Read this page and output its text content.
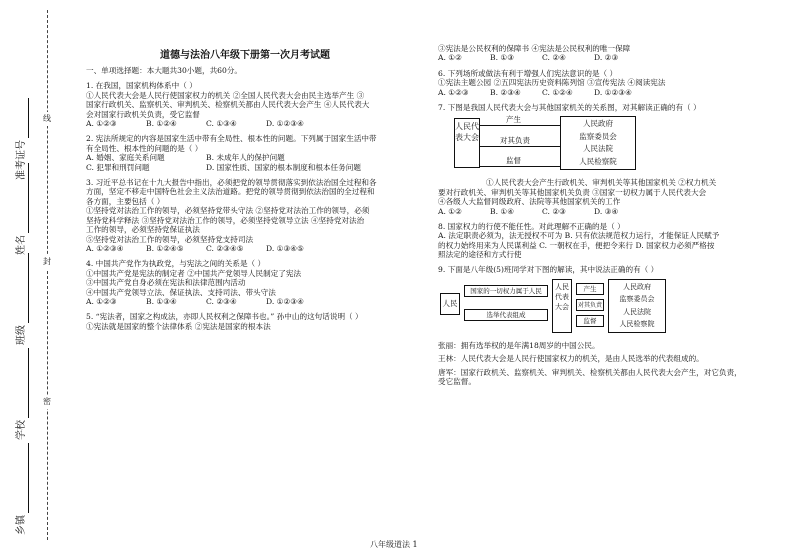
乡镇
学校
班级
姓名
准考证号
线
封
密
道德与法治八年级下册第一次月考试题
一、单项选择题：本大题共30小题，共60分。
1. 在我国，国家机构体系中（ ）
①人民代表大会是人民行使国家权力的机关 ②全国人民代表大会由民主选举产生 ③
国家行政机关、监察机关、审判机关、检察机关都由人民代表大会产生 ④人民代表大
会对国家行政机关负责，受它监督
A. ①②③	B. ①②④	C. ①③④	D. ①②③④
2. 宪法所规定的内容是国家生活中带有全局性、根本性的问题。下列属于国家生活中带
有全局性、根本性的问题的是（ ）
A. 婚姻、家庭关系问题	B. 未成年人的保护问题
C. 犯罪和刑罚问题	D. 国家性质、国家的根本制度和根本任务问题
3. 习近平总书记在十九大报告中指出，必须把党的领导贯彻落实到依法治国全过程和各
方面，坚定不移走中国特色社会主义法治道路。把党的领导贯彻到依法治国的全过程和
各方面，主要包括（ ）
①坚持党对法治工作的领导，必须坚持党带头守法 ②坚持党对法治工作的领导，必须
坚持党科学释法 ③坚持党对法治工作的领导，必须坚持党领导立法 ④坚持党对法治
工作的领导，必须坚持党保证执法
⑤坚持党对法治工作的领导，必须坚持党支持司法
A. ①②③④	B. ①②④⑤	C. ②③④⑤	D. ①③④⑤
4. 中国共产党作为执政党，与宪法之间的关系是（ ）
①中国共产党是宪法的制定者 ②中国共产党领导人民制定了宪法
③中国共产党自身必须在宪法和法律范围内活动
④中国共产党领导立法、保证执法、支持司法、带头守法
A. ①②③	B. ①③④	C. ②③④	D. ①②③④
5. “宪法者，国家之构成法，亦即人民权利之保障书也。” 孙中山的这句话说明（ ）
①宪法就是国家的整个法律体系 ②宪法是国家的根本法
③宪法是公民权利的保障书 ④宪法是公民权利的唯一保障
A. ①②	B. ①③	C. ②④	D. ②③
6. 下列场所或做法有利于增强人们宪法意识的是（ ）
①宪法主题公园 ②五四宪法历史资料陈列馆 ③宣传宪法 ④阅读宪法
A. ①②③	B. ②③④	C. ①②④	D. ①②③④
7. 下图是我国人民代表大会与其他国家机关的关系图，对其解读正确的有（ ）
人民代表大会
产生
对其负责
监督
人民政府
监察委员会
人民法院
人民检察院
①人民代表大会产生行政机关、审判机关等其他国家机关 ②权力机关
要对行政机关、审判机关等其他国家机关负责 ③国家一切权力属于人民代表大会
④各级人大监督同级政府、法院等其他国家机关的工作
A. ①②	B. ①④	C. ②③	D. ③④
8. 国家权力的行使不能任性。对此理解不正确的是（ ）
A. 法定职责必须为，法无授权不可为 B. 只有依法规范权力运行，才能保证人民赋予
的权力始终用来为人民谋利益 C. 一朝权在手，便把令来行 D. 国家权力必须严格按
照法定的途径和方式行使
9. 下面是八年级(5)班同学对下图的解读，其中说法正确的有（ ）
人民
国家的一切权力属于人民
选举代表组成
人民代表大会
产生
对其负责
监督
人民政府
监察委员会
人民法院
人民检察院
张丽：拥有选举权的是年满18周岁的中国公民。
王林：人民代表大会是人民行使国家权力的机关，是由人民选举的代表组成的。
唐军：国家行政机关、监察机关、审判机关、检察机关都由人民代表大会产生，对它负责，
受它监督。
八年级道法 1
